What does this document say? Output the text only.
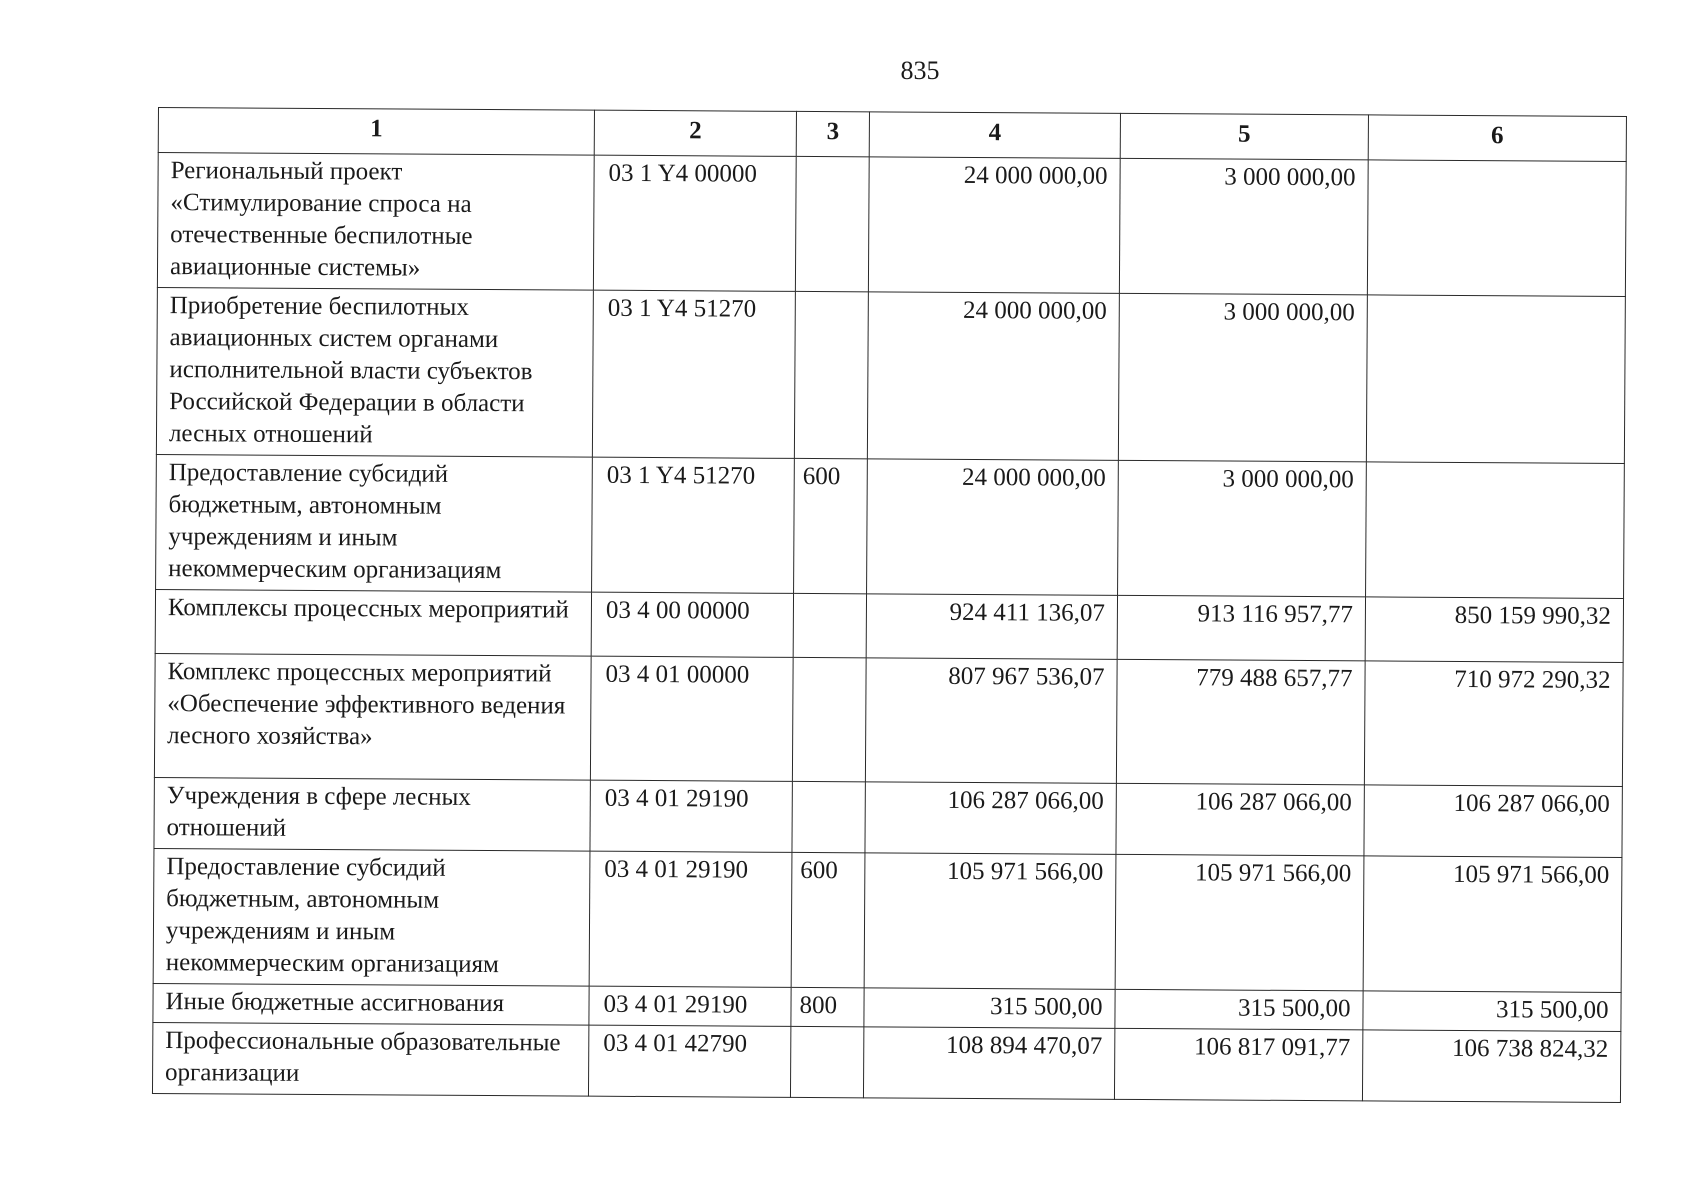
835
1	2	3	4	5	6
Региональный проект «Стимулирование спроса на отечественные беспилотные авиационные системы»	03 1 Y4 00000		24 000 000,00	3 000 000,00	
Приобретение беспилотных авиационных систем органами исполнительной власти субъектов Российской Федерации в области лесных отношений	03 1 Y4 51270		24 000 000,00	3 000 000,00	
Предоставление субсидий бюджетным, автономным учреждениям и иным некоммерческим организациям	03 1 Y4 51270	600	24 000 000,00	3 000 000,00	
Комплексы процессных мероприятий	03 4 00 00000		924 411 136,07	913 116 957,77	850 159 990,32
Комплекс процессных мероприятий «Обеспечение эффективного ведения лесного хозяйства»	03 4 01 00000		807 967 536,07	779 488 657,77	710 972 290,32
Учреждения в сфере лесных отношений	03 4 01 29190		106 287 066,00	106 287 066,00	106 287 066,00
Предоставление субсидий бюджетным, автономным учреждениям и иным некоммерческим организациям	03 4 01 29190	600	105 971 566,00	105 971 566,00	105 971 566,00
Иные бюджетные ассигнования	03 4 01 29190	800	315 500,00	315 500,00	315 500,00
Профессиональные образовательные организации	03 4 01 42790		108 894 470,07	106 817 091,77	106 738 824,32
